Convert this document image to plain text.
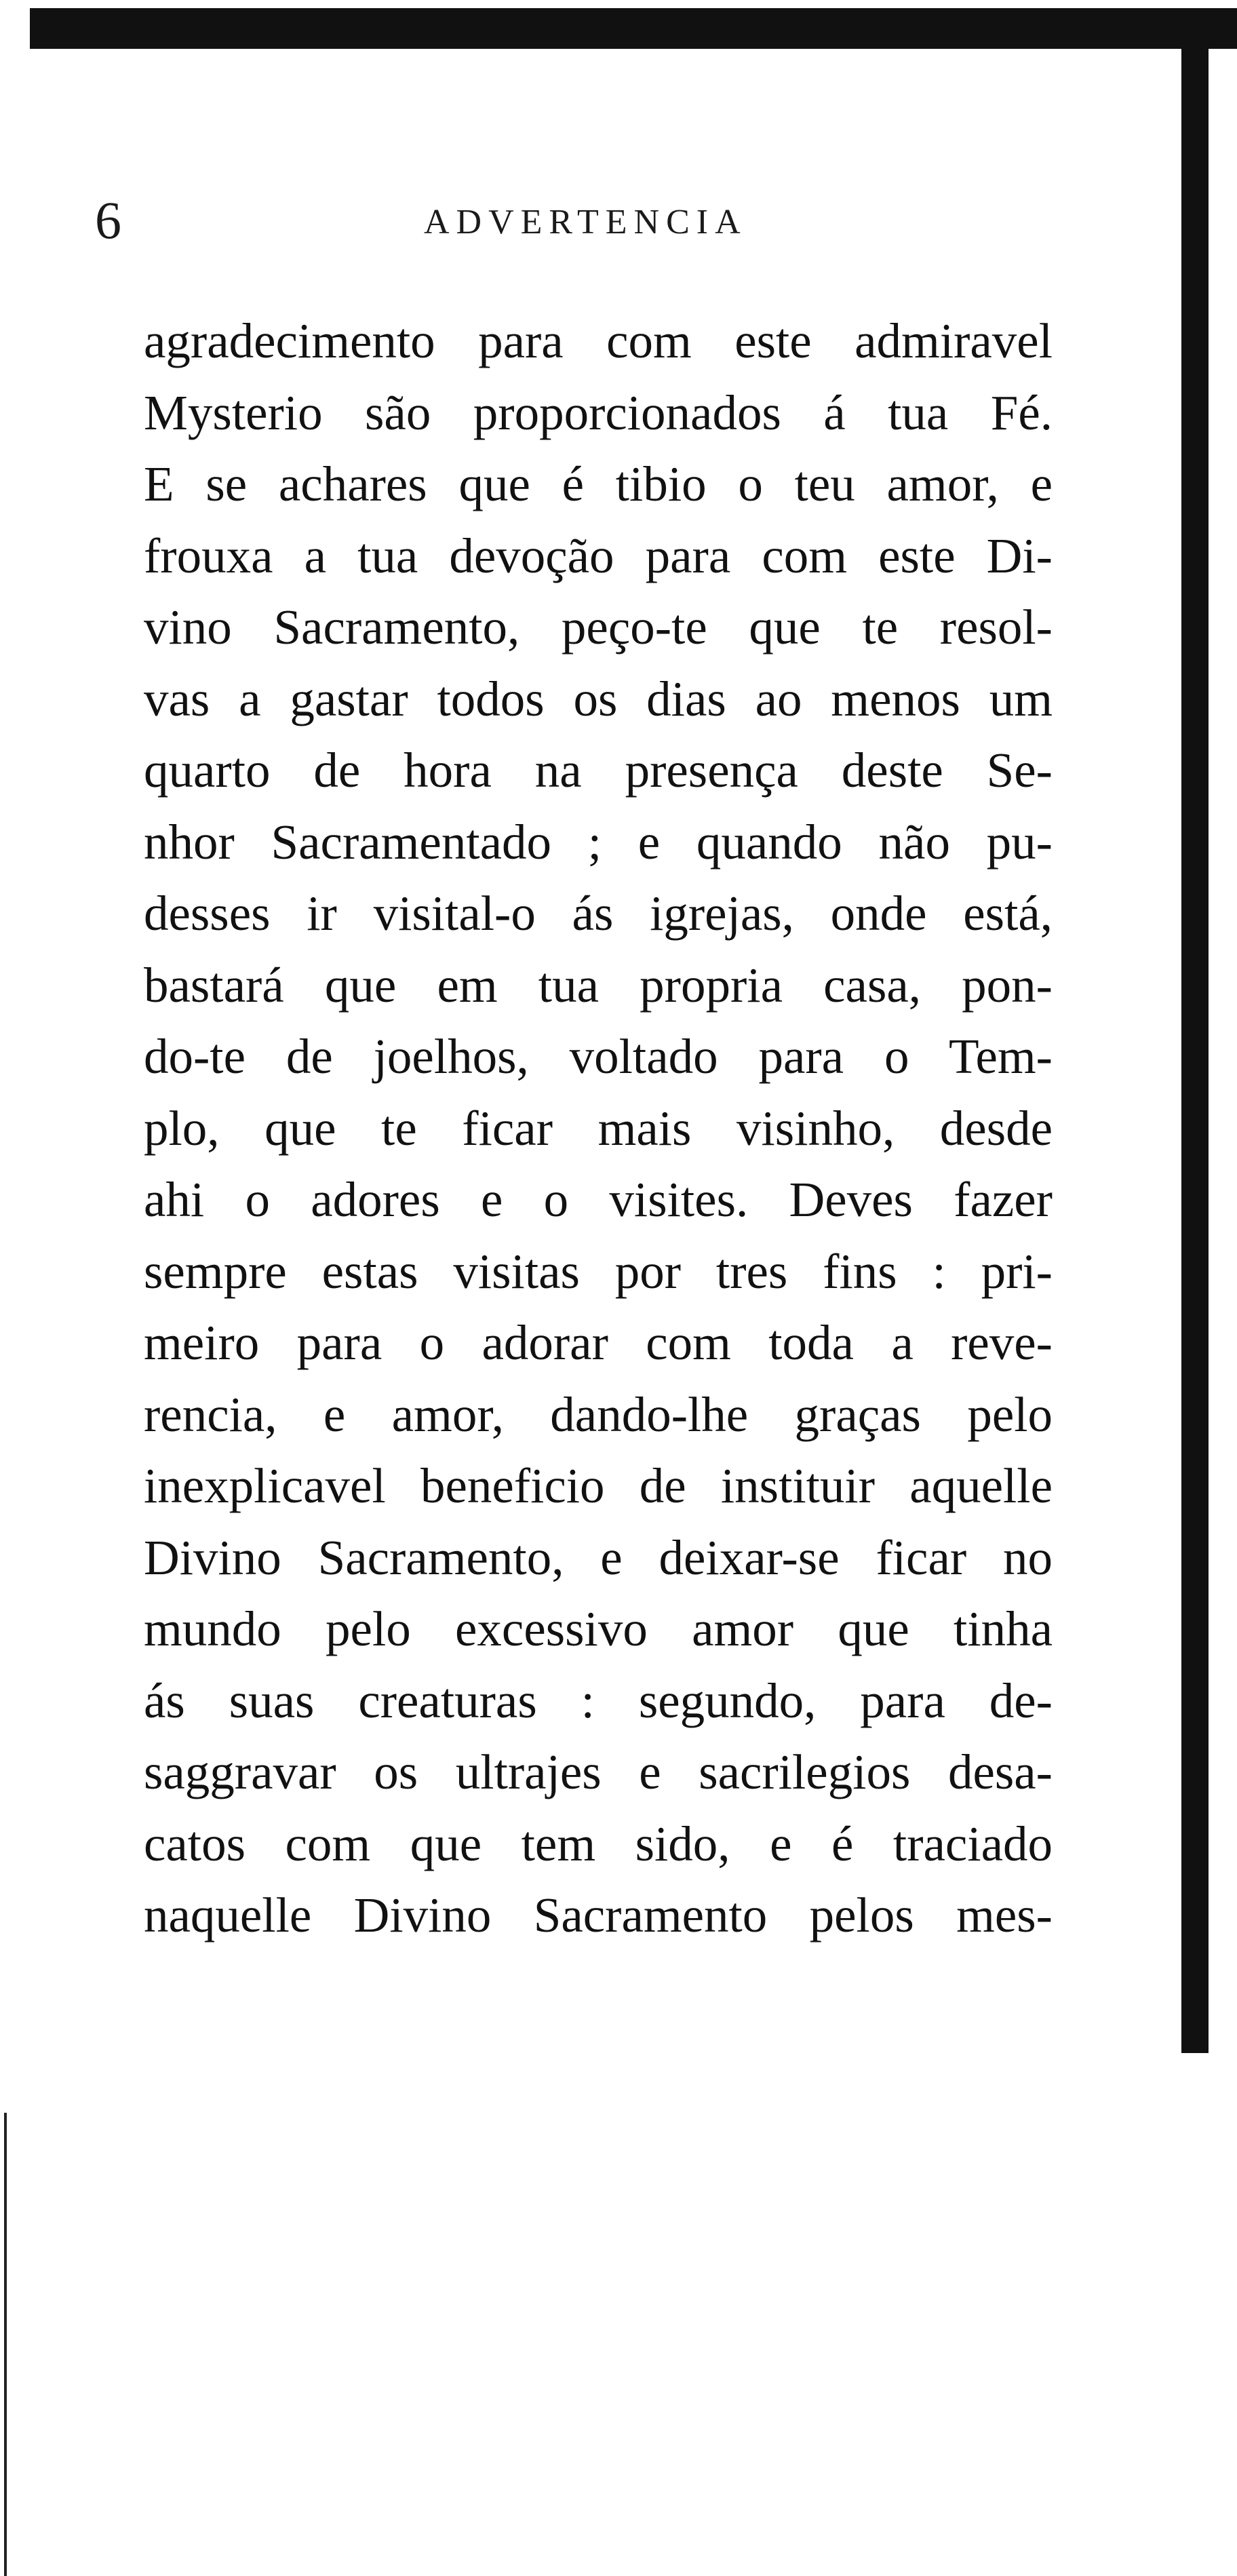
6	ADVERTENCIA
agradecimento para com este admiravel
Mysterio são proporcionados á tua Fé.
E se achares que é tibio o teu amor, e
frouxa a tua devoção para com este Di-
vino Sacramento, peço-te que te resol-
vas a gastar todos os dias ao menos um
quarto de hora na presença deste Se-
nhor Sacramentado ; e quando não pu-
desses ir visital-o ás igrejas, onde está,
bastará que em tua propria casa, pon-
do-te de joelhos, voltado para o Tem-
plo, que te ficar mais visinho, desde
ahi o adores e o visites. Deves fazer
sempre estas visitas por tres fins : pri-
meiro para o adorar com toda a reve-
rencia, e amor, dando-lhe graças pelo
inexplicavel beneficio de instituir aquelle
Divino Sacramento, e deixar-se ficar no
mundo pelo excessivo amor que tinha
ás suas creaturas : segundo, para de-
saggravar os ultrajes e sacrilegios desa-
catos com que tem sido, e é traciado
naquelle Divino Sacramento pelos mes-
